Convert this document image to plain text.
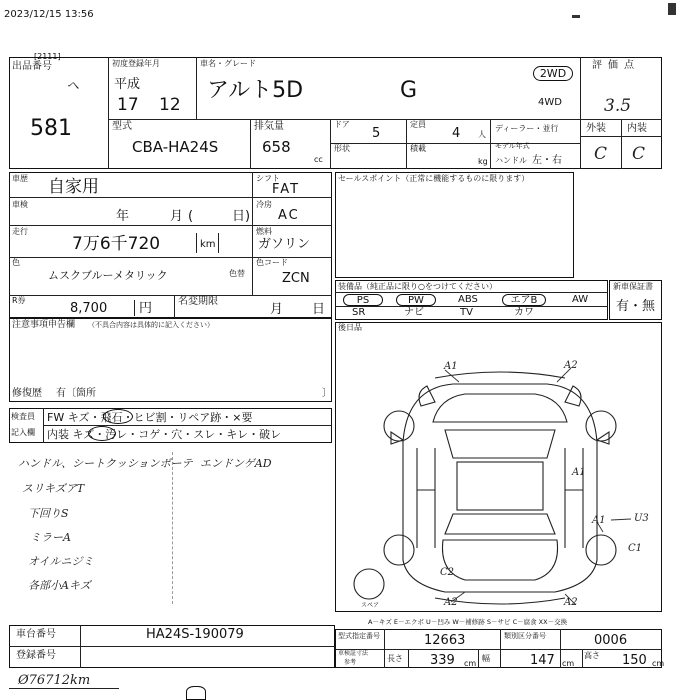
2023/12/15 13:56
[2111]
出品番号
ヘ
581
初度登録年月
平成
17 12
車名・グレード
アルト5D	G
2WD
4WD
評価点
3.5
外装 内装
C C
型式
CBA-HA24S
排気量
658
cc
ドア
5
定員
4 人
ディーラー・並行
形状	積載
kg
モデル年式
ハンドル 左・右
車歴 自家用	シフト
FAT
車検
年	月 (	日)
冷房
AC
走行
7万6千720	km
燃料
ガソリン
色
ムスクブルーメタリック	色替
色コード
ZCN
R券
8,700 円	名変期限
月 日
注意事項申告欄 （不具合内容は具体的に記入ください）
修復歴 有〔箇所	〕
検査員
記入欄
FW キズ・飛石・ヒビ割・リペア跡・×要
内装 キズ・汚レ・コゲ・穴・スレ・キレ・破レ
ハンドル、シートクッションボーテ
スリキズアT
下回りS
ミラーA
オイルニジミ
各部小Aキズ
エンドンゲAD
セールスポイント（正常に機能するものに限ります）
装備品（純正品に限り○をつけてください）
PS	PW	ABS	エアB	AW
SR	ナビ	TV	カワ
新車保証書
有・無
後日品
A1	A2
A1
A1
C1
C2
A2	A2
U3
スペア
A－キズ E－エクボ U－凹み W－補修跡 S－サビ C－腐食 XX－交換
車台番号	HA24S-190079
登録番号
型式指定番号	12663	類別区分番号	0006
車検証寸法
参考	長さ 339 cm
幅	147 cm
高さ 150 cm
Ø76712km
